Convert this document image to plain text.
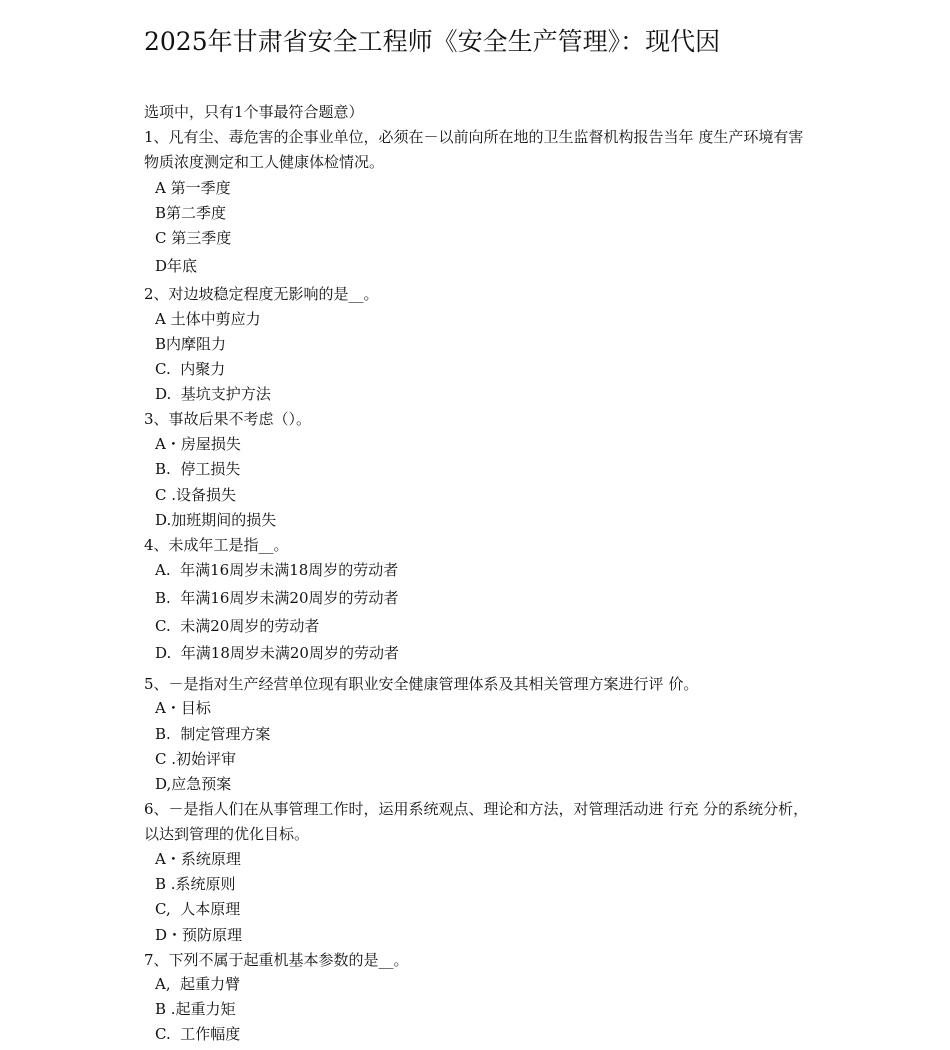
2025年甘肃省安全工程师《安全生产管理》：现代因
选项中，只有1个事最符合题意）
1、凡有尘、毒危害的企事业单位，必须在－以前向所在地的卫生监督机构报告当年 度生产环境有害物质浓度测定和工人健康体检情况。
A 第一季度
B第二季度
C 第三季度
D年底
2、对边坡稳定程度无影响的是__。
A 土体中剪应力
B内摩阻力
C.  内聚力
D.  基坑支护方法
3、事故后果不考虑（）。
A・房屋损失
B.  停工损失
C .设备损失
D.加班期间的损失
4、未成年工是指__。
A.  年满16周岁未满18周岁的劳动者
B.  年满16周岁未满20周岁的劳动者
C.  未满20周岁的劳动者
D.  年满18周岁未满20周岁的劳动者
5、－是指对生产经营单位现有职业安全健康管理体系及其相关管理方案进行评 价。
A・目标
B.  制定管理方案
C .初始评审
D,应急预案
6、－是指人们在从事管理工作时，运用系统观点、理论和方法，对管理活动进 行充 分的系统分析，以达到管理的优化目标。
A・系统原理
B .系统原则
C,  人本原理
D・预防原理
7、下列不属于起重机基本参数的是__。
A,  起重力臂
B .起重力矩
C.  工作幅度
